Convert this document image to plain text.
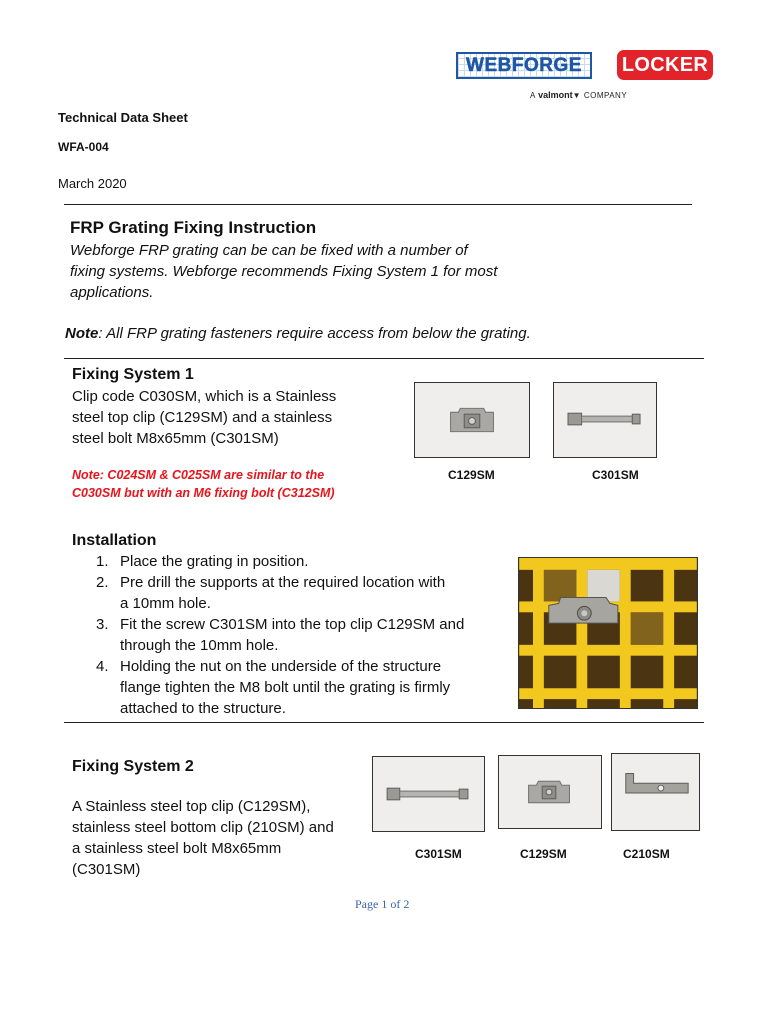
WEBFORGE	LOCKER
A valmont▼ COMPANY
Technical Data Sheet
WFA-004
March 2020
FRP Grating Fixing Instruction
Webforge FRP grating can be can be fixed with a number of
fixing systems. Webforge recommends Fixing System 1 for most
applications.
Note: All FRP grating fasteners require access from below the grating.
Fixing System 1
Clip code C030SM, which is a Stainless
steel top clip (C129SM) and a stainless
steel bolt M8x65mm (C301SM)
Note: C024SM & C025SM are similar to the
C030SM but with an M6 fixing bolt (C312SM)
C129SM	C301SM
Installation
1. Place the grating in position.
2. Pre drill the supports at the required location with
a 10mm hole.
3. Fit the screw C301SM into the top clip C129SM and
through the 10mm hole.
4. Holding the nut on the underside of the structure
flange tighten the M8 bolt until the grating is firmly
attached to the structure.
Fixing System 2
A Stainless steel top clip (C129SM),
stainless steel bottom clip (210SM) and
a stainless steel bolt M8x65mm
(C301SM)
C301SM	C129SM	C210SM
Page 1 of 2
